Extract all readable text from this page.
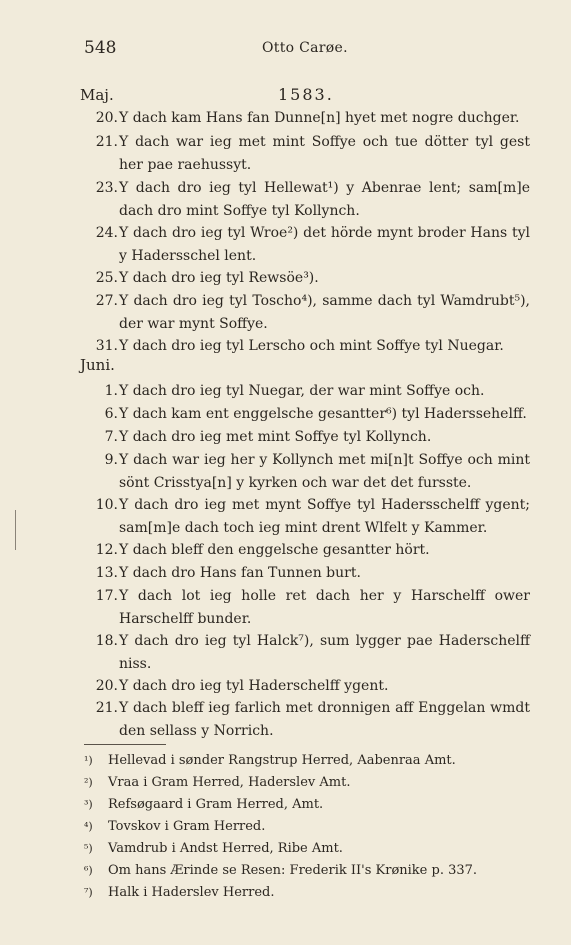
548	Otto Carøe.
Maj.	1583.
20. Y dach kam Hans fan Dunne[n] hyet met nogre duchger.
21. Y dach war ieg met mint Soffye och tue dötter tyl gest her pae raehussyt.
23. Y dach dro ieg tyl Hellewat¹) y Abenrae lent; sam[m]e dach dro mint Soffye tyl Kollynch.
24. Y dach dro ieg tyl Wroe²) det hörde mynt broder Hans tyl y Hadersschel lent.
25. Y dach dro ieg tyl Rewsöe³).
27. Y dach dro ieg tyl Toscho⁴), samme dach tyl Wamdrubt⁵), der war mynt Soffye.
31. Y dach dro ieg tyl Lerscho och mint Soffye tyl Nuegar.
Juni.
1. Y dach dro ieg tyl Nuegar, der war mint Soffye och.
6. Y dach kam ent enggelsche gesantter⁶) tyl Haderssehelff.
7. Y dach dro ieg met mint Soffye tyl Kollynch.
9. Y dach war ieg her y Kollynch met mi[n]t Soffye och mint sönt Crisstya[n] y kyrken och war det det fursste.
10. Y dach dro ieg met mynt Soffye tyl Hadersschelff ygent; sam[m]e dach toch ieg mint drent Wlfelt y Kammer.
12. Y dach bleff den enggelsche gesantter hört.
13. Y dach dro Hans fan Tunnen burt.
17. Y dach lot ieg holle ret dach her y Harschelff ower Harschelff bunder.
18. Y dach dro ieg tyl Halck⁷), sum lygger pae Haderschelff niss.
20. Y dach dro ieg tyl Haderschelff ygent.
21. Y dach bleff ieg farlich met dronnigen aff Enggelan wmdt den sellass y Norrich.
¹) Hellevad i sønder Rangstrup Herred, Aabenraa Amt.
²) Vraa i Gram Herred, Haderslev Amt.
³) Refsøgaard i Gram Herred, Amt.
⁴) Tovskov i Gram Herred.
⁵) Vamdrub i Andst Herred, Ribe Amt.
⁶) Om hans Ærinde se Resen: Frederik II's Krønike p. 337.
⁷) Halk i Haderslev Herred.
